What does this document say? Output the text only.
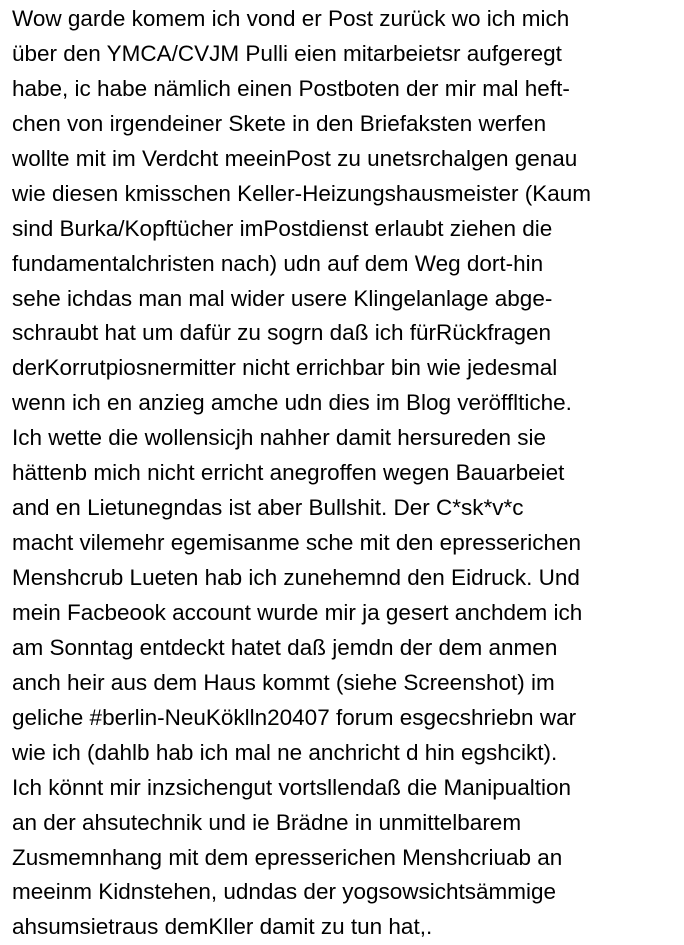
Wow garde komem ich vond er Post zurück wo ich mich
über den YMCA/CVJM Pulli eien mitarbeietsr aufgeregt
habe, ic habe nämlich einen Postboten der mir mal heft-
chen von irgendeiner Skete in den Briefaksten werfen
wollte mit im Verdcht meeinPost zu unetsrchalgen genau
wie diesen kmisschen Keller-Heizungshausmeister (Kaum
sind Burka/Kopftücher imPostdienst erlaubt ziehen die
fundamentalchristen nach) udn auf dem Weg dort-hin
sehe ichdas man mal wider usere Klingelanlage abge-
schraubt hat um dafür zu sogrn daß ich fürRückfragen
derKorrutpiosnermitter nicht errichbar bin wie jedesmal
wenn ich en anzieg amche udn dies im Blog veröffltiche.
Ich wette die wollensicjh nahher damit hersureden sie
hättenb mich nicht erricht anegroffen wegen Bauarbeiet
and en Lietunegndas ist aber Bullshit. Der C*sk*v*c
macht vilemehr egemisanme sche mit den epresserichen
Menshcrub Lueten hab ich zunehemnd den Eidruck. Und
mein Facbeook account wurde mir ja gesert anchdem ich
am Sonntag entdeckt hatet daß jemdn der dem anmen
anch heir aus dem Haus kommt (siehe Screenshot) im
geliche #berlin-NeuKöklln20407 forum esgecshriebn war
wie ich (dahlb hab ich mal ne anchricht d hin egshcikt).
Ich könnt mir inzsichengut vortsllendaß die Manipualtion
an der ahsutechnik und ie Brädne in unmittelbarem
Zusmemnhang mit dem epresserichen Menshcriuab an
meeinm Kidnstehen, udndas der yogsowsichtsämmige
ahsumsietraus demKller damit zu tun hat,.
